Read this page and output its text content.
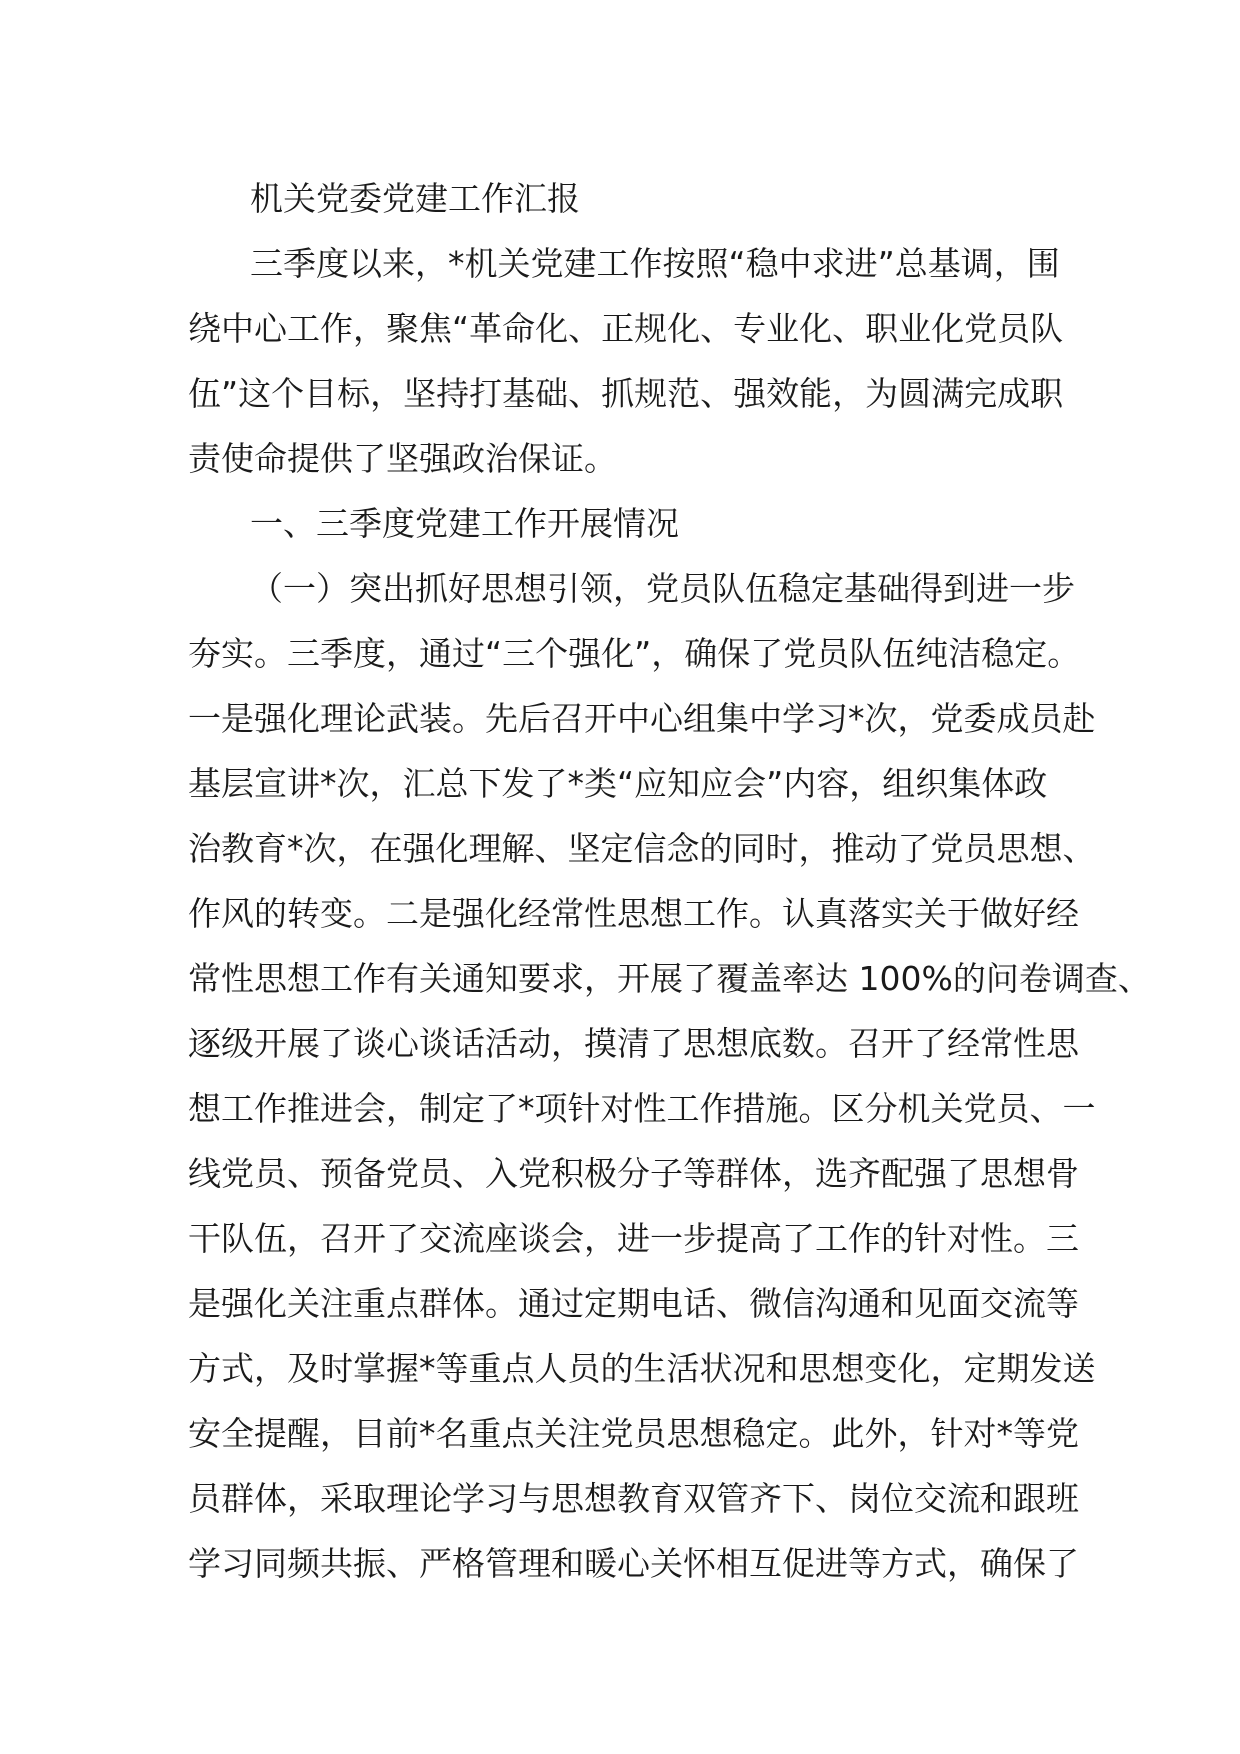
机关党委党建工作汇报
三季度以来，*机关党建工作按照“稳中求进”总基调，围
绕中心工作，聚焦“革命化、正规化、专业化、职业化党员队
伍”这个目标，坚持打基础、抓规范、强效能，为圆满完成职
责使命提供了坚强政治保证。
一、三季度党建工作开展情况
（一）突出抓好思想引领，党员队伍稳定基础得到进一步
夯实。三季度，通过“三个强化”，确保了党员队伍纯洁稳定。
一是强化理论武装。先后召开中心组集中学习*次，党委成员赴
基层宣讲*次，汇总下发了*类“应知应会”内容，组织集体政
治教育*次，在强化理解、坚定信念的同时，推动了党员思想、
作风的转变。二是强化经常性思想工作。认真落实关于做好经
常性思想工作有关通知要求，开展了覆盖率达 100%的问卷调查、
逐级开展了谈心谈话活动，摸清了思想底数。召开了经常性思
想工作推进会，制定了*项针对性工作措施。区分机关党员、一
线党员、预备党员、入党积极分子等群体，选齐配强了思想骨
干队伍，召开了交流座谈会，进一步提高了工作的针对性。三
是强化关注重点群体。通过定期电话、微信沟通和见面交流等
方式，及时掌握*等重点人员的生活状况和思想变化，定期发送
安全提醒，目前*名重点关注党员思想稳定。此外，针对*等党
员群体，采取理论学习与思想教育双管齐下、岗位交流和跟班
学习同频共振、严格管理和暖心关怀相互促进等方式，确保了
